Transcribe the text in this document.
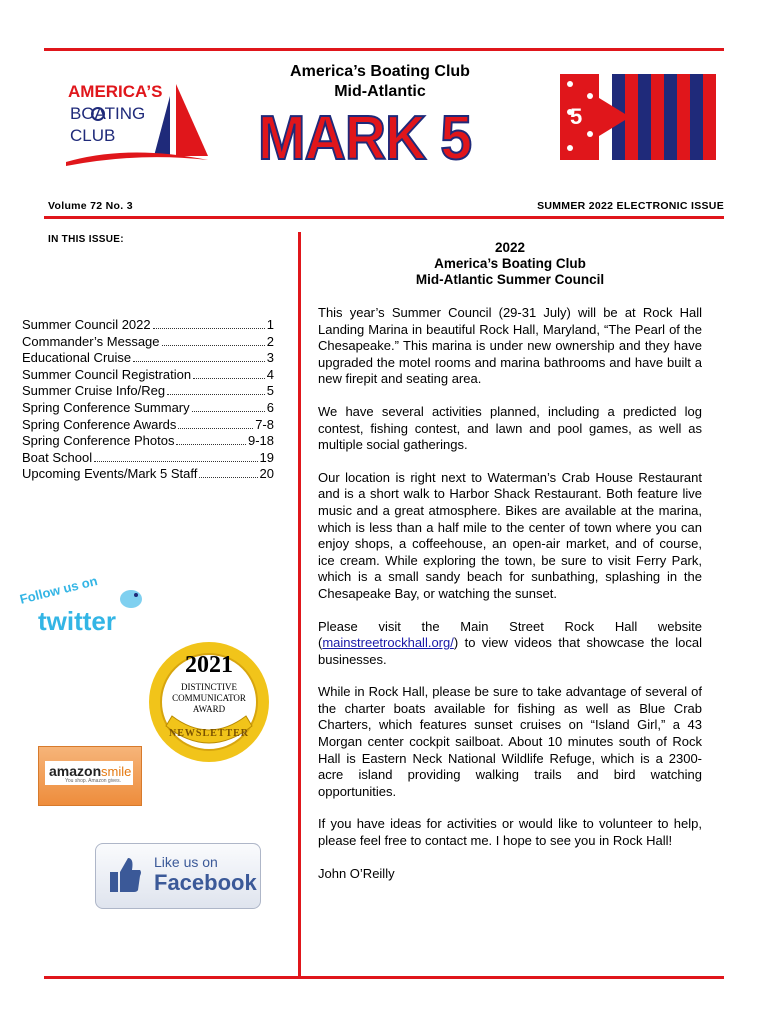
AMERICA’S
BOATING
CLUB
America’s Boating Club
Mid-Atlantic
MARK 5	5
Volume 72 No. 3	SUMMER 2022 ELECTRONIC ISSUE
IN THIS ISSUE:
Summer Council 2022	1
Commander’s Message	2
Educational Cruise	3
Summer Council Registration	4
Summer Cruise Info/Reg	5
Spring Conference Summary	6
Spring Conference Awards	7-8
Spring Conference Photos	9-18
Boat School	19
Upcoming Events/Mark 5 Staff	20
Follow us on
twitter
2021
DISTINCTIVE
COMMUNICATOR
AWARD
NEWSLETTER
amazon smile
You shop. Amazon gives.
Like us on
Facebook
2022
America’s Boating Club
Mid-Atlantic Summer Council

This year’s Summer Council (29-31 July) will be at Rock Hall Landing Marina in beautiful Rock Hall, Maryland, “The Pearl of the Chesapeake.” This marina is under new ownership and they have upgraded the motel rooms and marina bathrooms and have built a new firepit and seating area.

We have several activities planned, including a predicted log contest, fishing contest, and lawn and pool games, as well as multiple social gatherings.

Our location is right next to Waterman’s Crab House Restaurant and is a short walk to Harbor Shack Restaurant. Both feature live music and a great atmosphere. Bikes are available at the marina, which is less than a half mile to the center of town where you can enjoy shops, a coffeehouse, an open-air market, and of course, ice cream. While exploring the town, be sure to visit Ferry Park, which is a small sandy beach for sunbathing, splashing in the Chesapeake Bay, or watching the sunset.

Please visit the Main Street Rock Hall website (mainstreetrockhall.org/) to view videos that showcase the local businesses.

While in Rock Hall, please be sure to take advantage of several of the charter boats available for fishing as well as Blue Crab Charters, which features sunset cruises on “Island Girl,” a 43 Morgan center cockpit sailboat. About 10 minutes south of Rock Hall is Eastern Neck National Wildlife Refuge, which is a 2300-acre island providing walking trails and bird watching opportunities.

If you have ideas for activities or would like to volunteer to help, please feel free to contact me. I hope to see you in Rock Hall!

John O’Reilly
